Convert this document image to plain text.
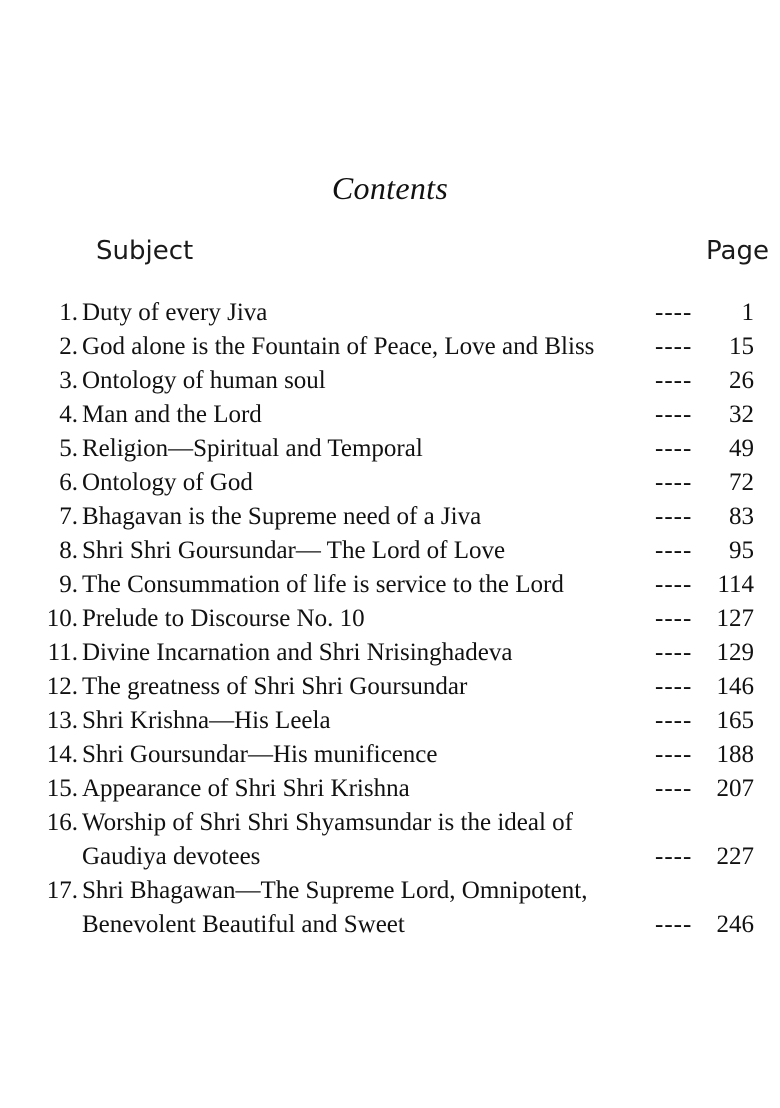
Contents
Subject	Page
1. Duty of every Jiva	---- 1
2. God alone is the Fountain of Peace, Love and Bliss	---- 15
3. Ontology of human soul	---- 26
4. Man and the Lord	---- 32
5. Religion—Spiritual and Temporal	---- 49
6. Ontology of God	---- 72
7. Bhagavan is the Supreme need of a Jiva	---- 83
8. Shri Shri Goursundar— The Lord of Love	---- 95
9. The Consummation of life is service to the Lord	---- 114
10. Prelude to Discourse No. 10	---- 127
11. Divine Incarnation and Shri Nrisinghadeva	---- 129
12. The greatness of Shri Shri Goursundar	---- 146
13. Shri Krishna—His Leela	---- 165
14. Shri Goursundar—His munificence	---- 188
15. Appearance of Shri Shri Krishna	---- 207
16. Worship of Shri Shri Shyamsundar is the ideal of
Gaudiya devotees	---- 227
17. Shri Bhagawan—The Supreme Lord, Omnipotent,
Benevolent Beautiful and Sweet	---- 246
